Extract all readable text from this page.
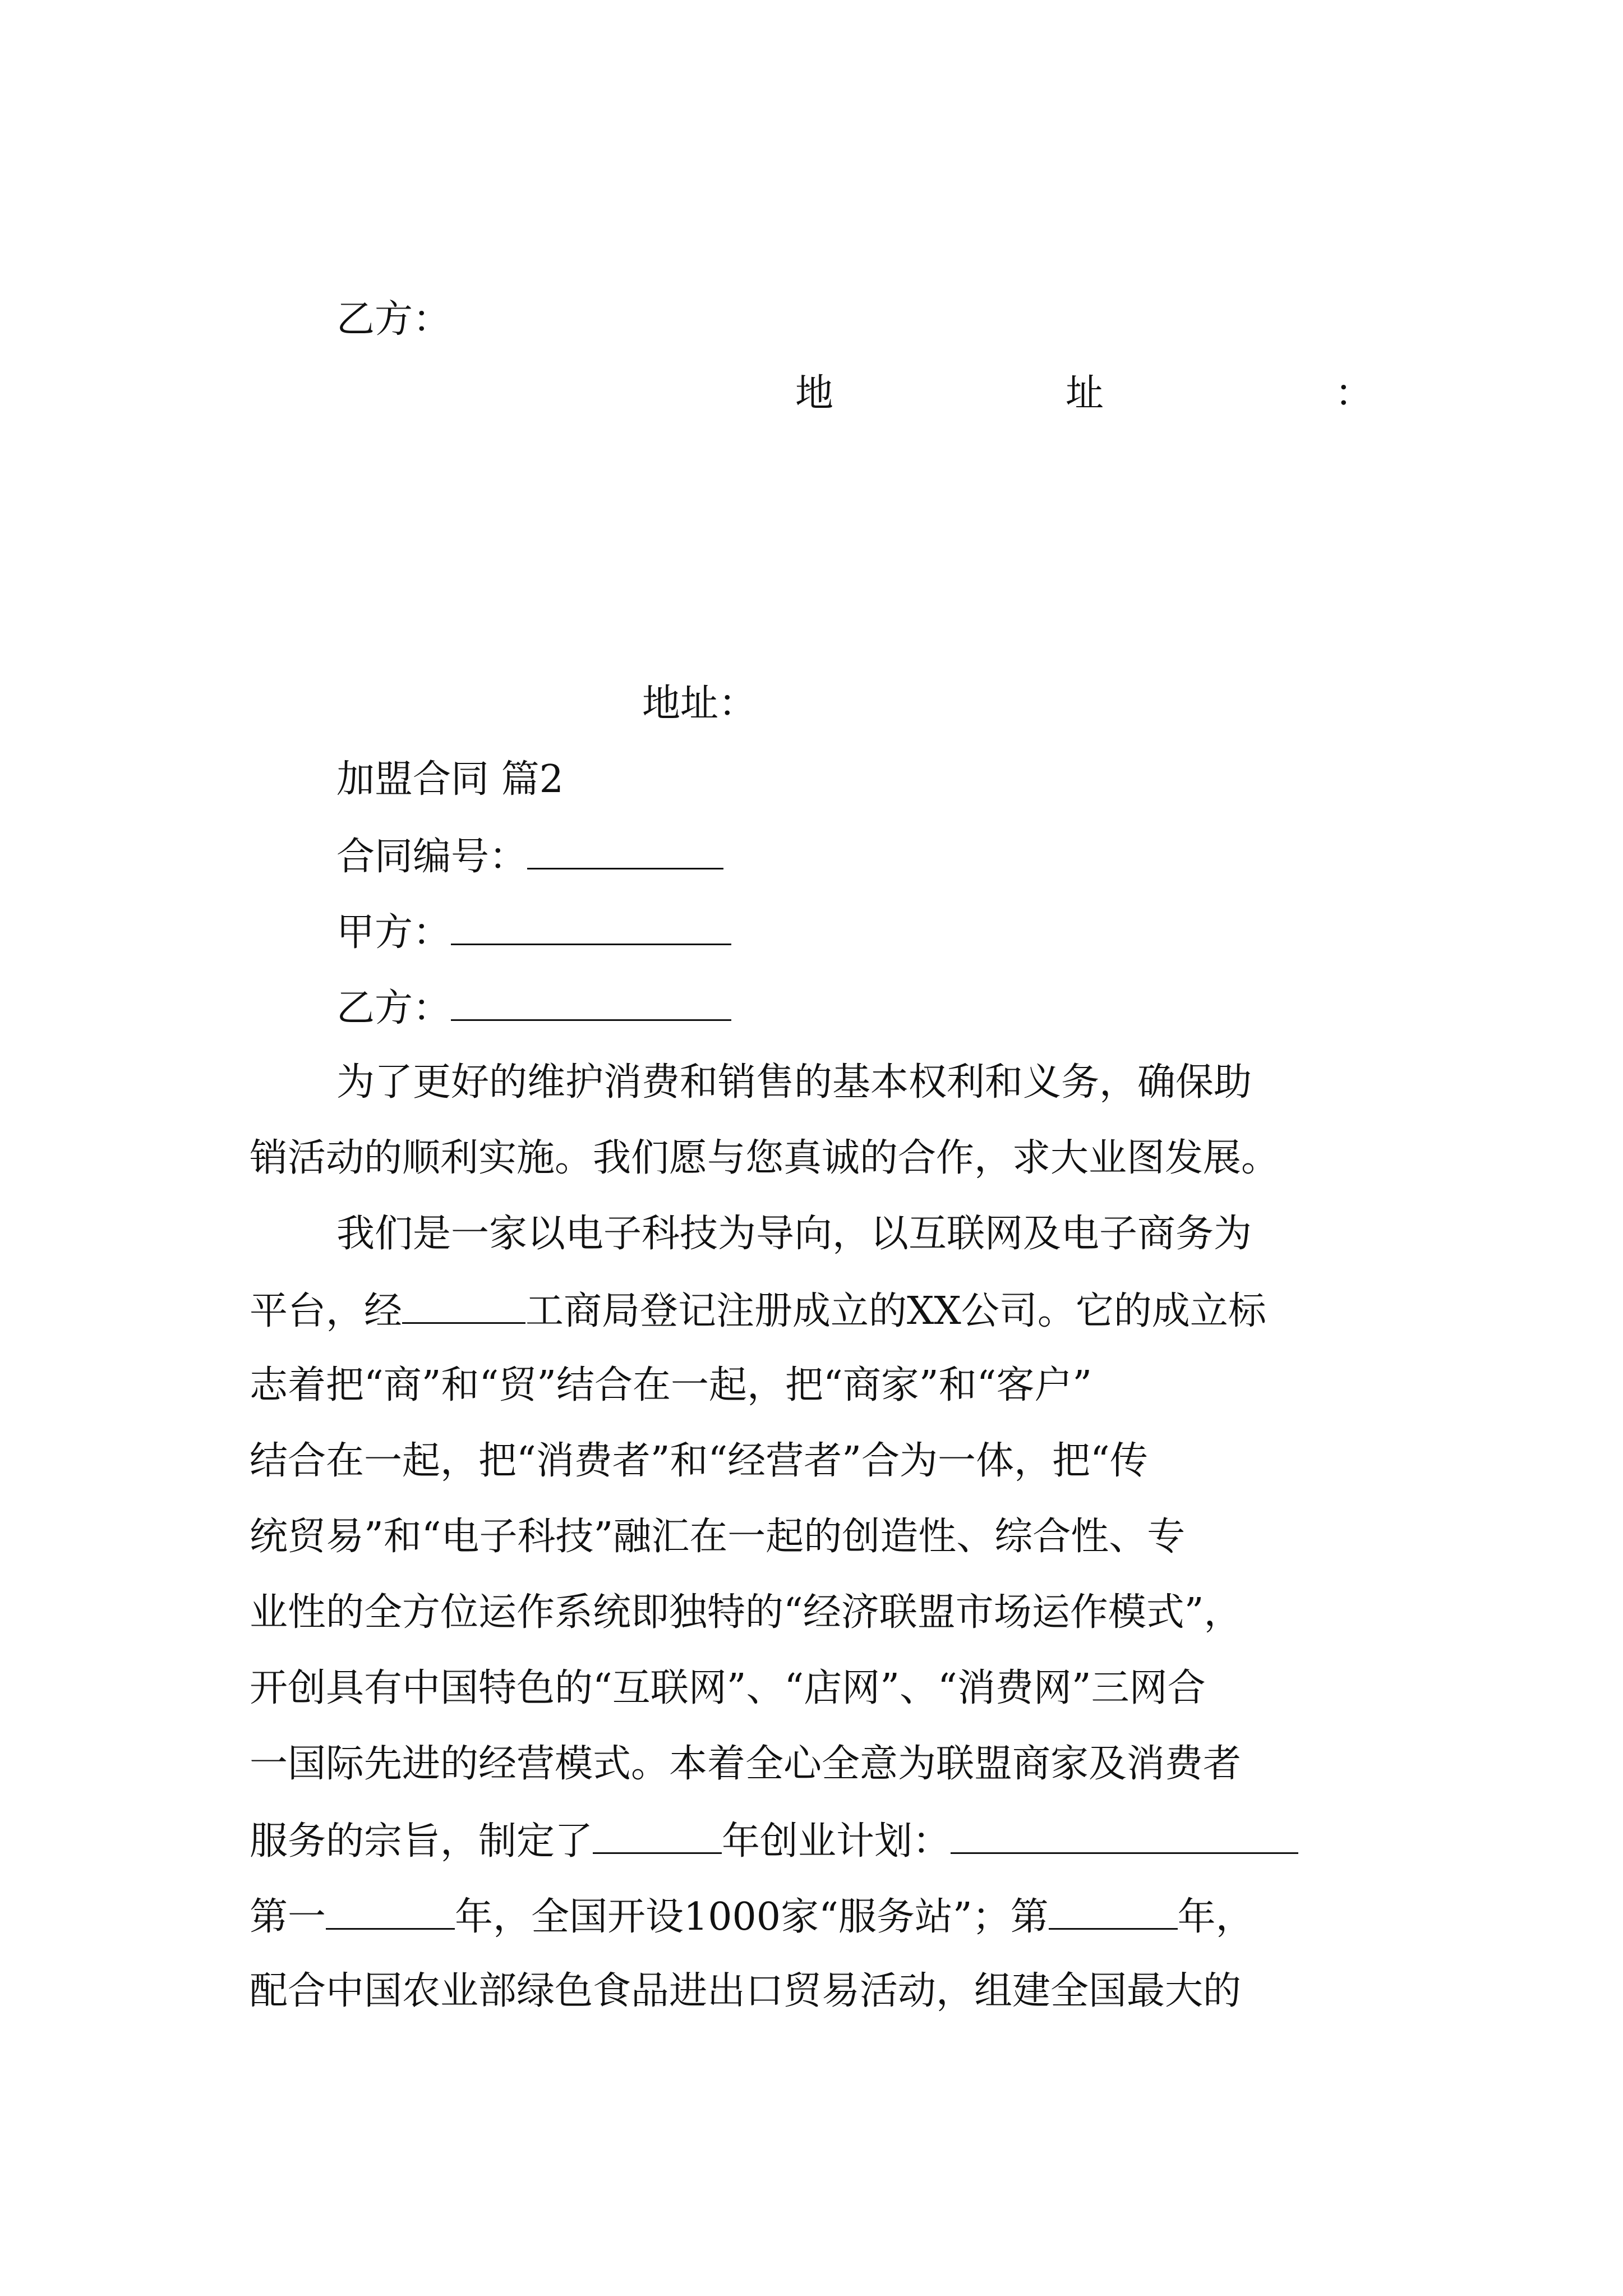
乙方：
地	址	：
地址：
加盟合同 篇2
合同编号：
甲方：
乙方：
为了更好的维护消费和销售的基本权利和义务，确保助
销活动的顺利实施。我们愿与您真诚的合作，求大业图发展。
我们是一家以电子科技为导向，以互联网及电子商务为
平台，经	工商局登记注册成立的XX公司。它的成立标
志着把“商”和“贸”结合在一起，把“商家”和“客户”
结合在一起，把“消费者”和“经营者”合为一体，把“传
统贸易”和“电子科技”融汇在一起的创造性、综合性、专
业性的全方位运作系统即独特的“经济联盟市场运作模式”，
开创具有中国特色的“互联网”、“店网”、“消费网”三网合
一国际先进的经营模式。本着全心全意为联盟商家及消费者
服务的宗旨，制定了	年创业计划：
第一	年，全国开设1000家“服务站”；第	年，
配合中国农业部绿色食品进出口贸易活动，组建全国最大的
